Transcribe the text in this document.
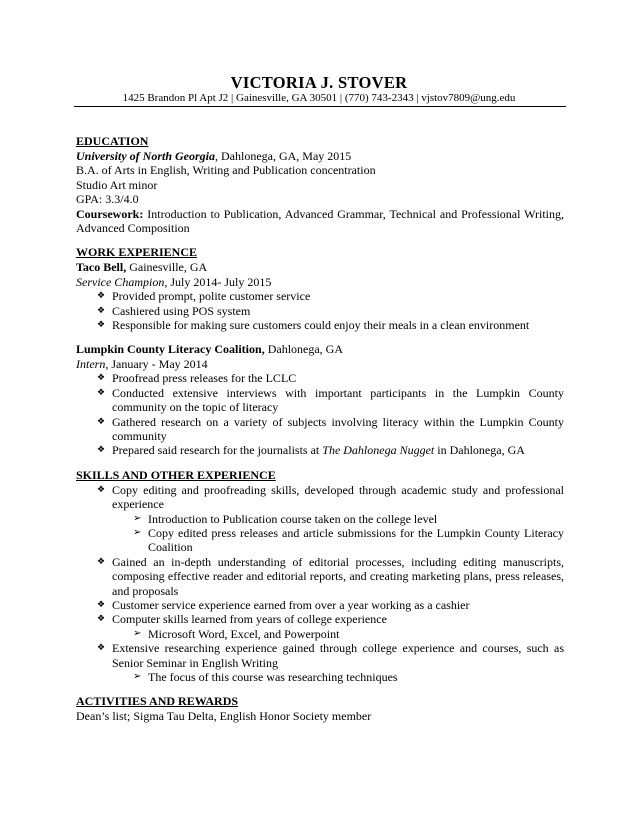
VICTORIA J. STOVER
1425 Brandon Pl Apt J2 | Gainesville, GA 30501 | (770) 743-2343 | vjstov7809@ung.edu
EDUCATION
University of North Georgia, Dahlonega, GA, May 2015
B.A. of Arts in English, Writing and Publication concentration
Studio Art minor
GPA: 3.3/4.0
Coursework: Introduction to Publication, Advanced Grammar, Technical and Professional Writing, Advanced Composition
WORK EXPERIENCE
Taco Bell, Gainesville, GA
Service Champion, July 2014- July 2015
❖ Provided prompt, polite customer service
❖ Cashiered using POS system
❖ Responsible for making sure customers could enjoy their meals in a clean environment
Lumpkin County Literacy Coalition, Dahlonega, GA
Intern, January - May 2014
❖ Proofread press releases for the LCLC
❖ Conducted extensive interviews with important participants in the Lumpkin County community on the topic of literacy
❖ Gathered research on a variety of subjects involving literacy within the Lumpkin County community
❖ Prepared said research for the journalists at The Dahlonega Nugget in Dahlonega, GA
SKILLS AND OTHER EXPERIENCE
❖ Copy editing and proofreading skills, developed through academic study and professional experience
➢ Introduction to Publication course taken on the college level
➢ Copy edited press releases and article submissions for the Lumpkin County Literacy Coalition
❖ Gained an in-depth understanding of editorial processes, including editing manuscripts, composing effective reader and editorial reports, and creating marketing plans, press releases, and proposals
❖ Customer service experience earned from over a year working as a cashier
❖ Computer skills learned from years of college experience
➢ Microsoft Word, Excel, and Powerpoint
❖ Extensive researching experience gained through college experience and courses, such as Senior Seminar in English Writing
➢ The focus of this course was researching techniques
ACTIVITIES AND REWARDS
Dean’s list; Sigma Tau Delta, English Honor Society member
